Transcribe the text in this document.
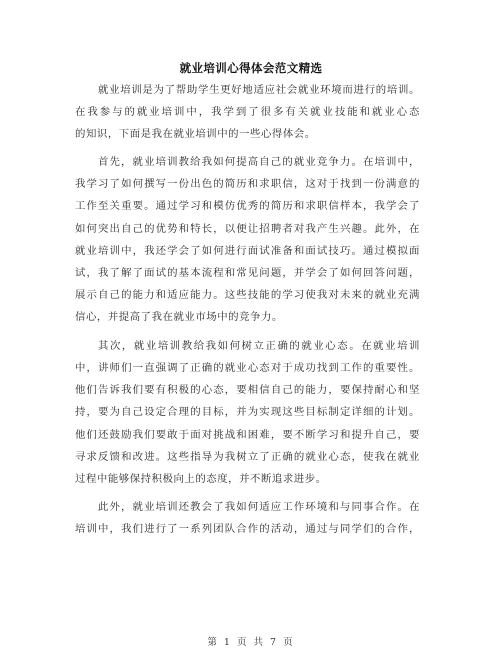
就业培训心得体会范文精选
就业培训是为了帮助学生更好地适应社会就业环境而进行的培训。
在我参与的就业培训中，我学到了很多有关就业技能和就业心态
的知识，下面是我在就业培训中的一些心得体会。
首先，就业培训教给我如何提高自己的就业竞争力。在培训中，
我学习了如何撰写一份出色的简历和求职信，这对于找到一份满意的
工作至关重要。通过学习和模仿优秀的简历和求职信样本，我学会了
如何突出自己的优势和特长，以便让招聘者对我产生兴趣。此外，在
就业培训中，我还学会了如何进行面试准备和面试技巧。通过模拟面
试，我了解了面试的基本流程和常见问题，并学会了如何回答问题，
展示自己的能力和适应能力。这些技能的学习使我对未来的就业充满
信心，并提高了我在就业市场中的竞争力。
其次，就业培训教给我如何树立正确的就业心态。在就业培训
中，讲师们一直强调了正确的就业心态对于成功找到工作的重要性。
他们告诉我们要有积极的心态，要相信自己的能力，要保持耐心和坚
持，要为自己设定合理的目标，并为实现这些目标制定详细的计划。
他们还鼓励我们要敢于面对挑战和困难，要不断学习和提升自己，要
寻求反馈和改进。这些指导为我树立了正确的就业心态，使我在就业
过程中能够保持积极向上的态度，并不断追求进步。
此外，就业培训还教会了我如何适应工作环境和与同事合作。在
培训中，我们进行了一系列团队合作的活动，通过与同学们的合作，
第 1 页 共 7 页
